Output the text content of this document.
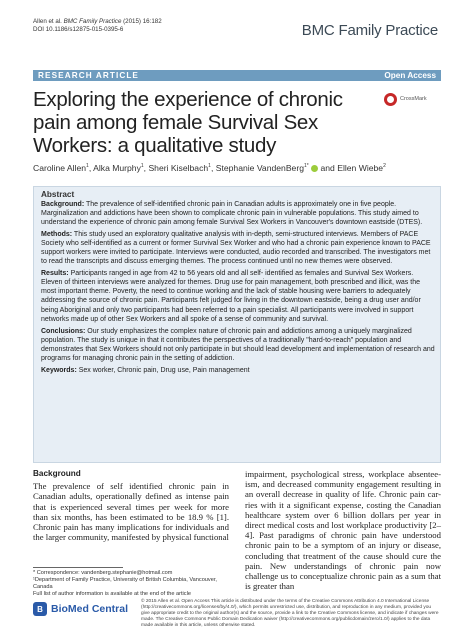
Allen et al. BMC Family Practice (2015) 16:182
DOI 10.1186/s12875-015-0395-6	BMC Family Practice
RESEARCH ARTICLE	Open Access
Exploring the experience of chronic pain among female Survival Sex Workers: a qualitative study
CrossMark
Caroline Allen$^1$, Alka Murphy$^1$, Sheri Kiselbach$^1$, Stephanie VandenBerg$^{1*}$ and Ellen Wiebe$^2$
Abstract

Background: The prevalence of self-identified chronic pain in Canadian adults is approximately one in five people. Marginalization and addictions have been shown to complicate chronic pain in vulnerable populations. This study aimed to understand the experience of chronic pain among female Survival Sex Workers in Vancouver's downtown eastside (DTES).

Methods: This study used an exploratory qualitative analysis with in-depth, semi-structured interviews. Members of PACE Society who self-identified as a current or former Survival Sex Worker and who had a chronic pain experience known to PACE support workers were invited to participate. Interviews were conducted, audio recorded and transcribed. The investigators met to read the transcripts and discuss emerging themes. The process continued until no new themes were observed.

Results: Participants ranged in age from 42 to 56 years old and all self- identified as females and Survival Sex Workers. Eleven of thirteen interviews were analyzed for themes. Drug use for pain management, both prescribed and illicit, was the most important theme. Poverty, the need to continue working and the lack of stable housing were barriers to adequately addressing the source of chronic pain. Participants felt judged for living in the downtown eastside, being a drug user and/or being Aboriginal and only two participants had been referred to a pain specialist. All participants were involved in support networks made up of other Sex Workers and all spoke of a sense of community and survival.

Conclusions: Our study emphasizes the complex nature of chronic pain and addictions among a uniquely marginalized population. The study is unique in that it contributes the perspectives of a traditionally "hard-to-reach" population and demonstrates that Sex Workers should not only participate in but should lead development and implementation of research and programs for managing chronic pain in the setting of addiction.

Keywords: Sex worker, Chronic pain, Drug use, Pain management

Background
The prevalence of self identified chronic pain in Canadian adults, operationally defined as intense pain that is experienced several times per week for more than six months, has been estimated to be 18.9 % [1]. Chronic pain has many implications for individuals and the larger community, manifested by physical functional
impairment, psychological stress, workplace absentee-ism, and decreased community engagement resulting in an overall decrease in quality of life. Chronic pain car-ries with it a significant expense, costing the Canadian healthcare system over 6 billion dollars per year in direct medical costs and lost workplace productivity [2–4]. Past paradigms of chronic pain have understood chronic pain to be a symptom of an injury or disease, concluding that treatment of the cause should cure the pain. New understandings of chronic pain now challenge us to conceptualize chronic pain as a sum that is greater than
* Correspondence: vandenberg.stephanie@hotmail.com
¹Department of Family Practice, University of British Columbia, Vancouver, Canada
Full list of author information is available at the end of the article
B BioMed Central
© 2015 Allen et al. Open Access This article is distributed under the terms of the Creative Commons Attribution 4.0 International License (http://creativecommons.org/licenses/by/4.0/), which permits unrestricted use, distribution, and reproduction in any medium, provided you give appropriate credit to the original author(s) and the source, provide a link to the Creative Commons license, and indicate if changes were made. The Creative Commons Public Domain Dedication waiver (http://creativecommons.org/publicdomain/zero/1.0/) applies to the data made available in this article, unless otherwise stated.
